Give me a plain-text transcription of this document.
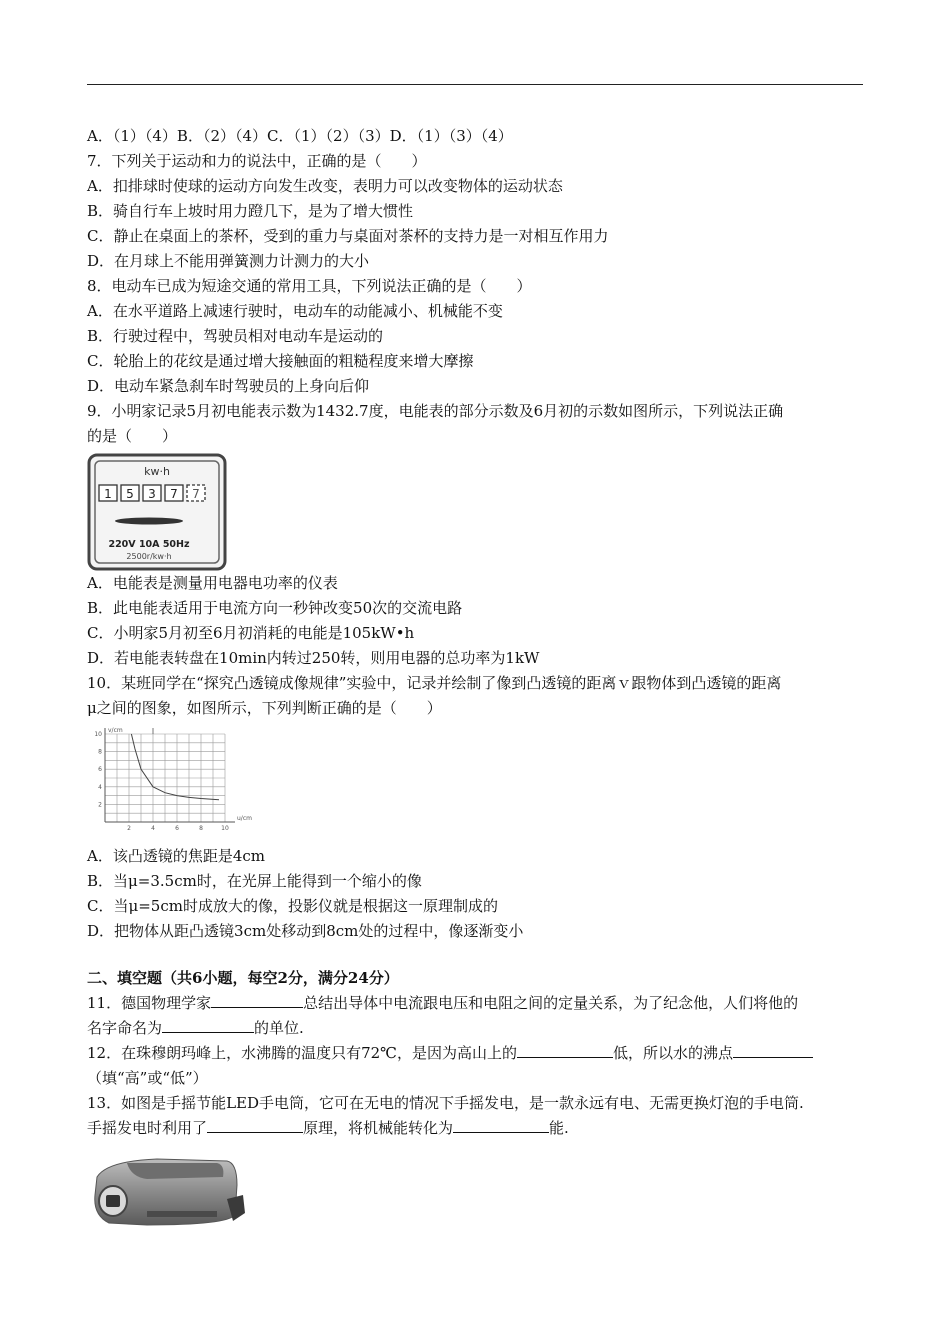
A．（1）（4）B．（2）（4）C．（1）（2）（3）D．（1）（3）（4）
7．下列关于运动和力的说法中，正确的是（　　）
A．扣排球时使球的运动方向发生改变，表明力可以改变物体的运动状态
B．骑自行车上坡时用力蹬几下，是为了增大惯性
C．静止在桌面上的茶杯，受到的重力与桌面对茶杯的支持力是一对相互作用力
D．在月球上不能用弹簧测力计测力的大小
8．电动车已成为短途交通的常用工具，下列说法正确的是（　　）
A．在水平道路上减速行驶时，电动车的动能减小、机械能不变
B．行驶过程中，驾驶员相对电动车是运动的
C．轮胎上的花纹是通过增大接触面的粗糙程度来增大摩擦
D．电动车紧急刹车时驾驶员的上身向后仰
9．小明家记录5月初电能表示数为1432.7度，电能表的部分示数及6月初的示数如图所示，下列说法正确
的是（　　）
kw·h
1 5 3 7 7
220V 10A 50Hz
2500r/kw·h
A．电能表是测量用电器电功率的仪表
B．此电能表适用于电流方向一秒钟改变50次的交流电路
C．小明家5月初至6月初消耗的电能是105kW•h
D．若电能表转盘在10min内转过250转，则用电器的总功率为1kW
10．某班同学在“探究凸透镜成像规律”实验中，记录并绘制了像到凸透镜的距离ｖ跟物体到凸透镜的距离
μ之间的图象，如图所示，下列判断正确的是（　　）
2	4	6	8	10
2
4
6
8
10
v/cm
u/cm
A．该凸透镜的焦距是4cm
B．当μ=3.5cm时，在光屏上能得到一个缩小的像
C．当μ=5cm时成放大的像，投影仪就是根据这一原理制成的
D．把物体从距凸透镜3cm处移动到8cm处的过程中，像逐渐变小
二、填空题（共6小题，每空2分，满分24分）
11．德国物理学家	总结出导体中电流跟电压和电阻之间的定量关系，为了纪念他，人们将他的
名字命名为	的单位.
12．在珠穆朗玛峰上，水沸腾的温度只有72℃，是因为高山上的	低，所以水的沸点
（填“高”或“低”）
13．如图是手摇节能LED手电筒，它可在无电的情况下手摇发电，是一款永远有电、无需更换灯泡的手电筒.
手摇发电时利用了	原理，将机械能转化为	能.
